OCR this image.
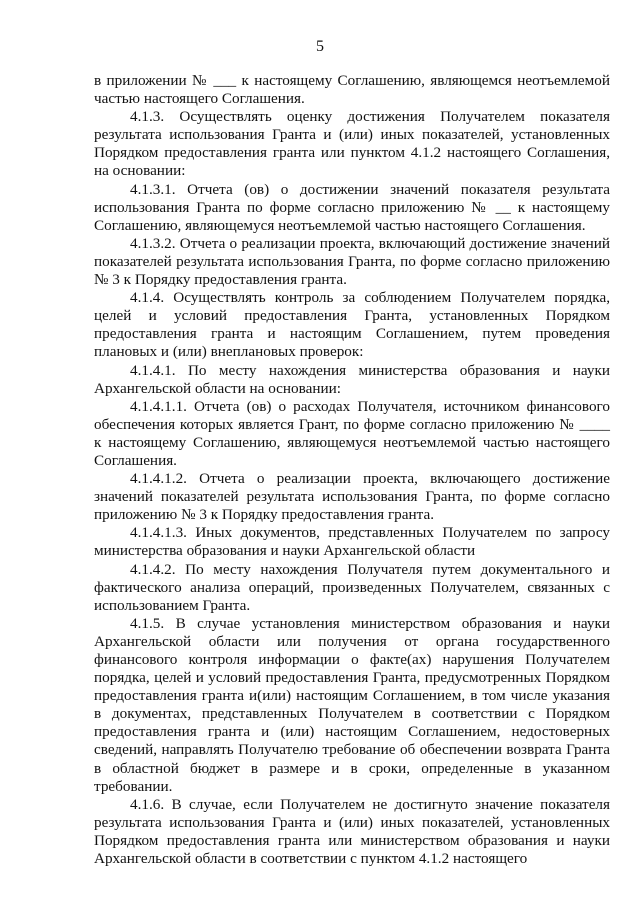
5

в приложении № ___ к настоящему Соглашению, являющемся неотъемлемой частью настоящего Соглашения.

4.1.3. Осуществлять оценку достижения Получателем показателя результата использования Гранта и (или) иных показателей, установленных Порядком предоставления гранта или пунктом 4.1.2 настоящего Соглашения, на основании:

4.1.3.1. Отчета (ов) о достижении значений показателя результата использования Гранта по форме согласно приложению № __ к настоящему Соглашению, являющемуся неотъемлемой частью настоящего Соглашения.

4.1.3.2. Отчета о реализации проекта, включающий достижение значений показателей результата использования Гранта, по форме согласно приложению № 3 к Порядку предоставления гранта.

4.1.4. Осуществлять контроль за соблюдением Получателем порядка, целей и условий предоставления Гранта, установленных Порядком предоставления гранта и настоящим Соглашением, путем проведения плановых и (или) внеплановых проверок:

4.1.4.1. По месту нахождения министерства образования и науки Архангельской области на основании:

4.1.4.1.1. Отчета (ов) о расходах Получателя, источником финансового обеспечения которых является Грант, по форме согласно приложению № ____ к настоящему Соглашению, являющемуся неотъемлемой частью настоящего Соглашения.

4.1.4.1.2. Отчета о реализации проекта, включающего достижение значений показателей результата использования Гранта, по форме согласно приложению № 3 к Порядку предоставления гранта.

4.1.4.1.3. Иных документов, представленных Получателем по запросу министерства образования и науки Архангельской области

4.1.4.2. По месту нахождения Получателя путем документального и фактического анализа операций, произведенных Получателем, связанных с использованием Гранта.

4.1.5. В случае установления министерством образования и науки Архангельской области или получения от органа государственного финансового контроля информации о факте(ах) нарушения Получателем порядка, целей и условий предоставления Гранта, предусмотренных Порядком предоставления гранта и(или) настоящим Соглашением, в том числе указания в документах, представленных Получателем в соответствии с Порядком предоставления гранта и (или) настоящим Соглашением, недостоверных сведений, направлять Получателю требование об обеспечении возврата Гранта в областной бюджет в размере и в сроки, определенные в указанном требовании.

4.1.6. В случае, если Получателем не достигнуто значение показателя результата использования Гранта и (или) иных показателей, установленных Порядком предоставления гранта или министерством образования и науки Архангельской области в соответствии с пунктом 4.1.2 настоящего
